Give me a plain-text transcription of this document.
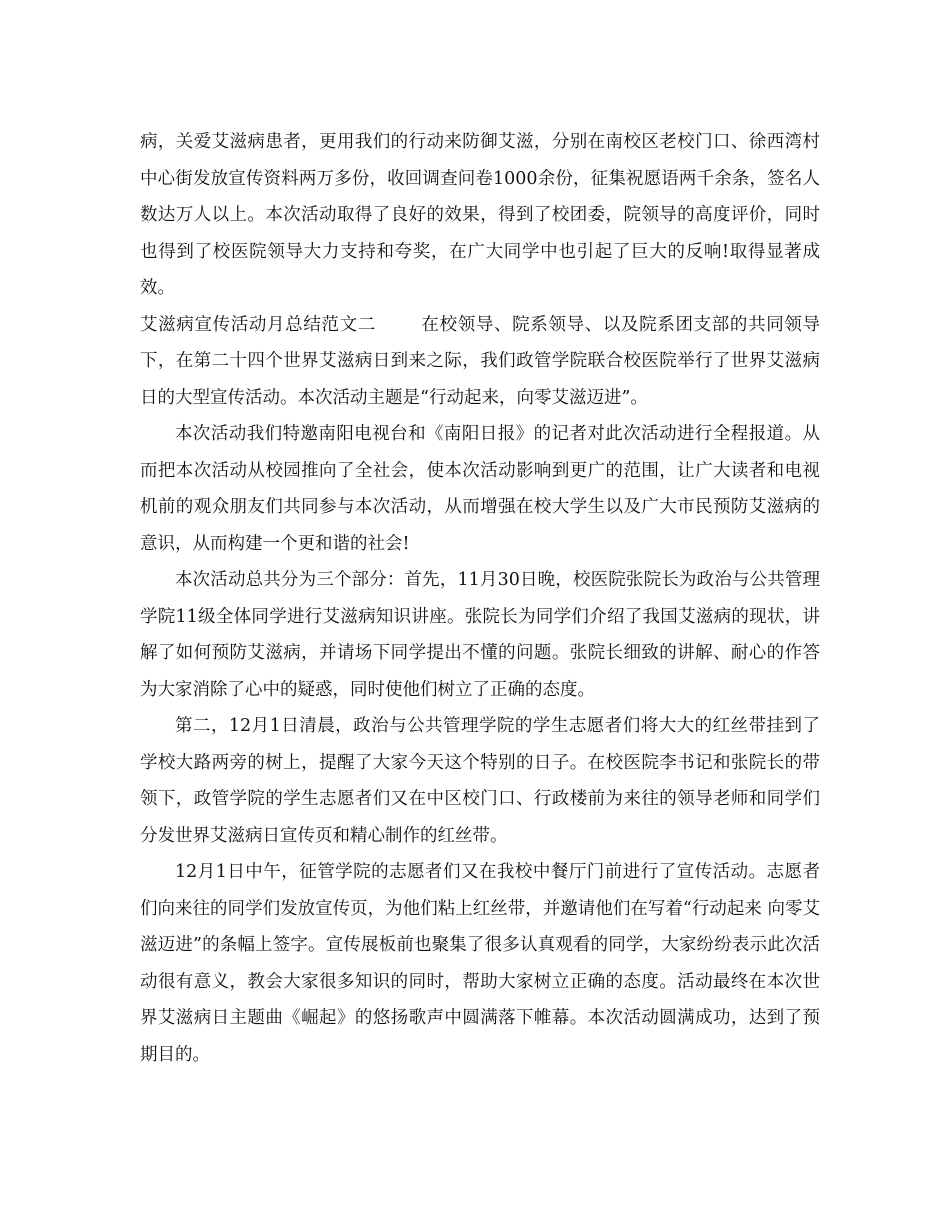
病，关爱艾滋病患者，更用我们的行动来防御艾滋，分别在南校区老校门口、徐西湾村中心街发放宣传资料两万多份，收回调查问卷1000余份，征集祝愿语两千余条，签名人数达万人以上。本次活动取得了良好的效果，得到了校团委，院领导的高度评价，同时也得到了校医院领导大力支持和夸奖，在广大同学中也引起了巨大的反响!取得显著成效。

艾滋病宣传活动月总结范文二	在校领导、院系领导、以及院系团支部的共同领导下，在第二十四个世界艾滋病日到来之际，我们政管学院联合校医院举行了世界艾滋病日的大型宣传活动。本次活动主题是“行动起来，向零艾滋迈进”。

本次活动我们特邀南阳电视台和《南阳日报》的记者对此次活动进行全程报道。从而把本次活动从校园推向了全社会，使本次活动影响到更广的范围，让广大读者和电视机前的观众朋友们共同参与本次活动，从而增强在校大学生以及广大市民预防艾滋病的意识，从而构建一个更和谐的社会!

本次活动总共分为三个部分：首先，11月30日晚，校医院张院长为政治与公共管理学院11级全体同学进行艾滋病知识讲座。张院长为同学们介绍了我国艾滋病的现状，讲解了如何预防艾滋病，并请场下同学提出不懂的问题。张院长细致的讲解、耐心的作答为大家消除了心中的疑惑，同时使他们树立了正确的态度。

第二，12月1日清晨，政治与公共管理学院的学生志愿者们将大大的红丝带挂到了学校大路两旁的树上，提醒了大家今天这个特别的日子。在校医院李书记和张院长的带领下，政管学院的学生志愿者们又在中区校门口、行政楼前为来往的领导老师和同学们分发世界艾滋病日宣传页和精心制作的红丝带。

12月1日中午，征管学院的志愿者们又在我校中餐厅门前进行了宣传活动。志愿者们向来往的同学们发放宣传页，为他们粘上红丝带，并邀请他们在写着“行动起来 向零艾滋迈进”的条幅上签字。宣传展板前也聚集了很多认真观看的同学，大家纷纷表示此次活动很有意义，教会大家很多知识的同时，帮助大家树立正确的态度。活动最终在本次世界艾滋病日主题曲《崛起》的悠扬歌声中圆满落下帷幕。本次活动圆满成功，达到了预期目的。
